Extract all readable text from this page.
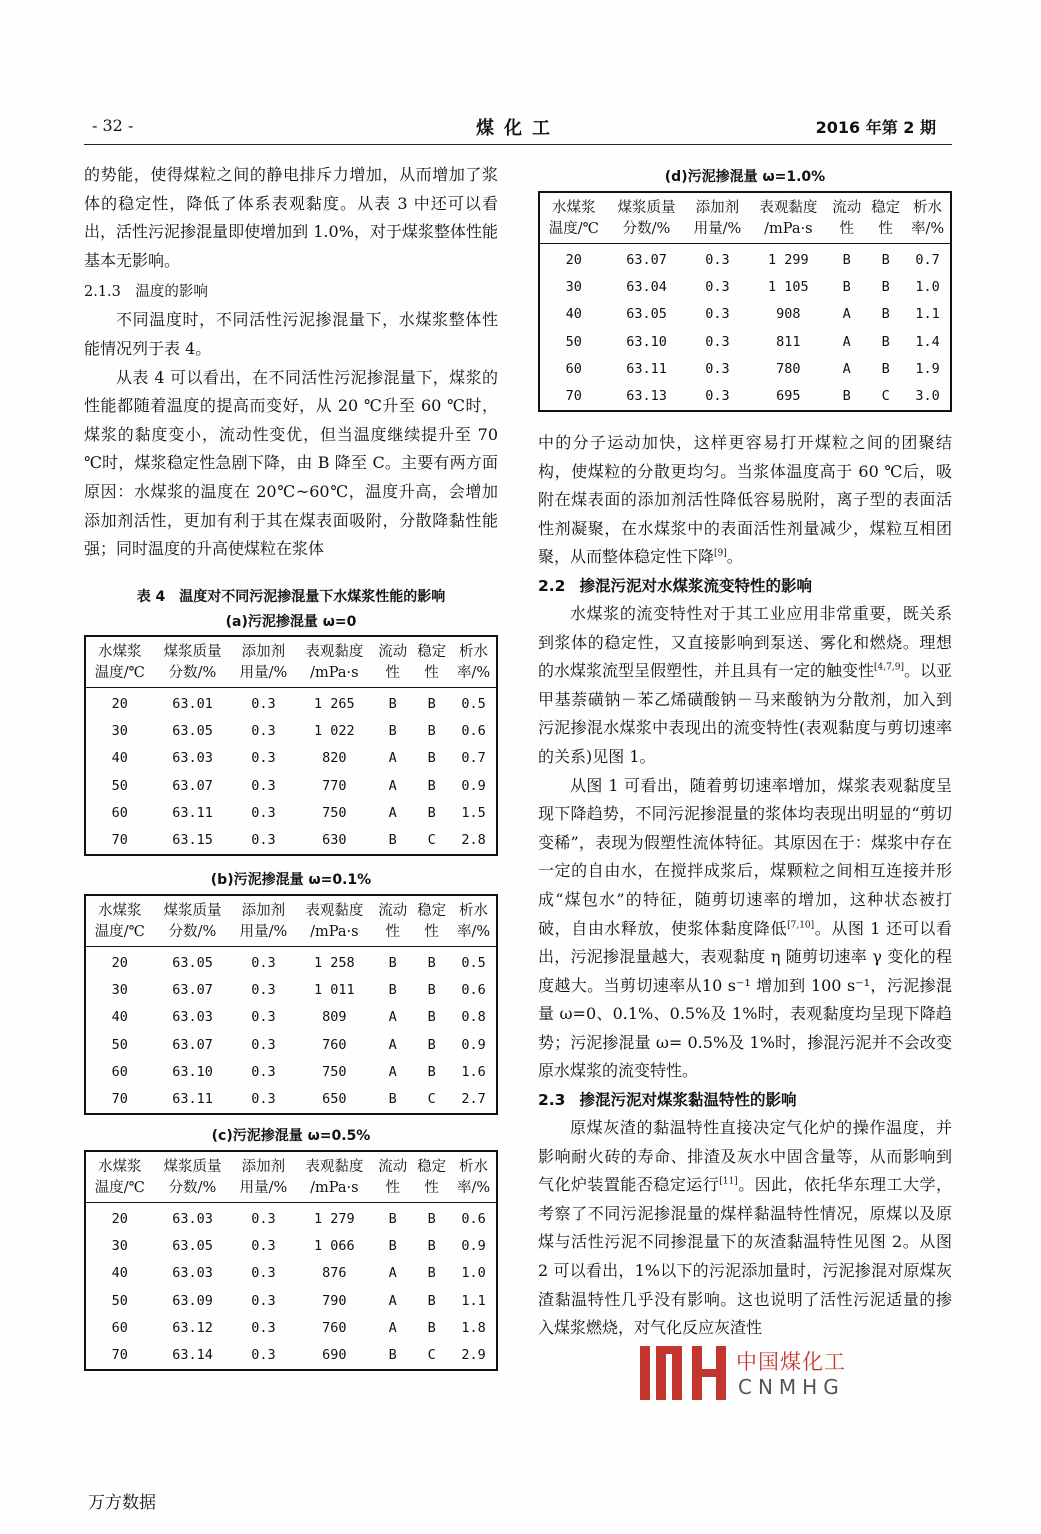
- 32 -	煤化工	2016 年第 2 期

的势能，使得煤粒之间的静电排斥力增加，从而增加了浆体的稳定性，降低了体系表观黏度。从表 3 中还可以看出，活性污泥掺混量即使增加到 1.0%，对于煤浆整体性能基本无影响。

2.1.3　温度的影响

不同温度时，不同活性污泥掺混量下，水煤浆整体性能情况列于表 4。

从表 4 可以看出，在不同活性污泥掺混量下，煤浆的性能都随着温度的提高而变好，从 20 ℃升至 60 ℃时，煤浆的黏度变小，流动性变优，但当温度继续提升至 70 ℃时，煤浆稳定性急剧下降，由 B 降至 C。主要有两方面原因：水煤浆的温度在 20℃~60℃，温度升高，会增加添加剂活性，更加有利于其在煤表面吸附，分散降黏性能强；同时温度的升高使煤粒在浆体

表 4　温度对不同污泥掺混量下水煤浆性能的影响

(a)污泥掺混量 ω=0

水煤浆	煤浆质量	添加剂	表观黏度	流动	稳定	析水
温度/℃	分数/%	用量/%	/mPa·s	性	性	率/%
20	63.01	0.3	1 265	B	B	0.5
30	63.05	0.3	1 022	B	B	0.6
40	63.03	0.3	820	A	B	0.7
50	63.07	0.3	770	A	B	0.9
60	63.11	0.3	750	A	B	1.5
70	63.15	0.3	630	B	C	2.8

(b)污泥掺混量 ω=0.1%

水煤浆	煤浆质量	添加剂	表观黏度	流动	稳定	析水
温度/℃	分数/%	用量/%	/mPa·s	性	性	率/%
20	63.05	0.3	1 258	B	B	0.5
30	63.07	0.3	1 011	B	B	0.6
40	63.03	0.3	809	A	B	0.8
50	63.07	0.3	760	A	B	0.9
60	63.10	0.3	750	A	B	1.6
70	63.11	0.3	650	B	C	2.7

(c)污泥掺混量 ω=0.5%

水煤浆	煤浆质量	添加剂	表观黏度	流动	稳定	析水
温度/℃	分数/%	用量/%	/mPa·s	性	性	率/%
20	63.03	0.3	1 279	B	B	0.6
30	63.05	0.3	1 066	B	B	0.9
40	63.03	0.3	876	A	B	1.0
50	63.09	0.3	790	A	B	1.1
60	63.12	0.3	760	A	B	1.8
70	63.14	0.3	690	B	C	2.9

(d)污泥掺混量 ω=1.0%

水煤浆	煤浆质量	添加剂	表观黏度	流动	稳定	析水
温度/℃	分数/%	用量/%	/mPa·s	性	性	率/%
20	63.07	0.3	1 299	B	B	0.7
30	63.04	0.3	1 105	B	B	1.0
40	63.05	0.3	908	A	B	1.1
50	63.10	0.3	811	A	B	1.4
60	63.11	0.3	780	A	B	1.9
70	63.13	0.3	695	B	C	3.0

中的分子运动加快，这样更容易打开煤粒之间的团聚结构，使煤粒的分散更均匀。当浆体温度高于 60 ℃后，吸附在煤表面的添加剂活性降低容易脱附，离子型的表面活性剂凝聚，在水煤浆中的表面活性剂量减少，煤粒互相团聚，从而整体稳定性下降[9]。

2.2 掺混污泥对水煤浆流变特性的影响

水煤浆的流变特性对于其工业应用非常重要，既关系到浆体的稳定性，又直接影响到泵送、雾化和燃烧。理想的水煤浆流型呈假塑性，并且具有一定的触变性[4,7,9]。以亚甲基萘磺钠－苯乙烯磺酸钠－马来酸钠为分散剂，加入到污泥掺混水煤浆中表现出的流变特性(表观黏度与剪切速率的关系)见图 1。

从图 1 可看出，随着剪切速率增加，煤浆表观黏度呈现下降趋势，不同污泥掺混量的浆体均表现出明显的“剪切变稀”，表现为假塑性流体特征。其原因在于：煤浆中存在一定的自由水，在搅拌成浆后，煤颗粒之间相互连接并形成“煤包水”的特征，随剪切速率的增加，这种状态被打破，自由水释放，使浆体黏度降低[7,10]。从图 1 还可以看出，污泥掺混量越大，表观黏度 η 随剪切速率 γ 变化的程度越大。当剪切速率从10 s⁻¹ 增加到 100 s⁻¹，污泥掺混量 ω=0、0.1%、0.5%及 1%时，表观黏度均呈现下降趋势；污泥掺混量 ω= 0.5%及 1%时，掺混污泥并不会改变原水煤浆的流变特性。

2.3 掺混污泥对煤浆黏温特性的影响

原煤灰渣的黏温特性直接决定气化炉的操作温度，并影响耐火砖的寿命、排渣及灰水中固含量等，从而影响到气化炉装置能否稳定运行[11]。因此，依托华东理工大学，考察了不同污泥掺混量的煤样黏温特性情况，原煤以及原煤与活性污泥不同掺混量下的灰渣黏温特性见图 2。从图 2 可以看出，1%以下的污泥添加量时，污泥掺混对原煤灰渣黏温特性几乎没有影响。这也说明了活性污泥适量的掺入煤浆燃烧，对气化反应灰渣性

中国煤化工
CNMHG
万方数据
